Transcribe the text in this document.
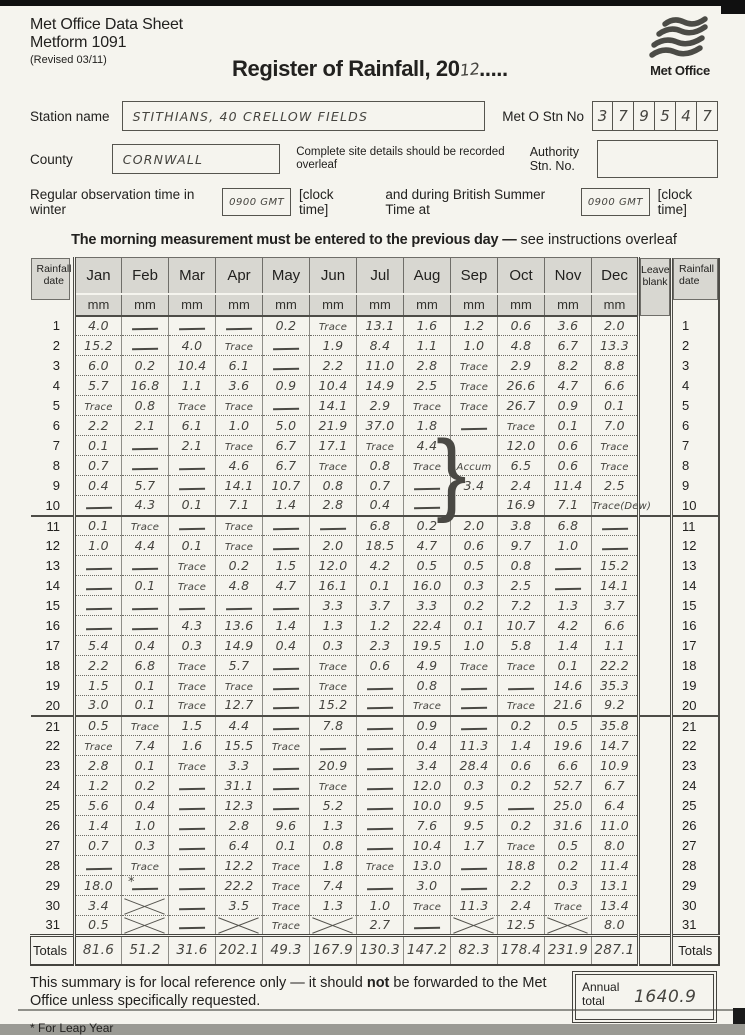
Met Office Data Sheet
Metform 1091
(Revised 03/11)	Register of Rainfall, 2012.....	Met Office
Station name STITHIANS, 40 CRELLOW FIELDS	Met O Stn No 3 7 9 5 4 7
County	CORNWALL	Complete site details should be recorded overleaf
Authority Stn. No.
Regular observation time in winter	0900 GMT [clock time]
and during British Summer Time at	0900 GMT [clock time]
The morning measurement must be entered to the previous day — see instructions overleaf
Rainfall date	Jan	Feb	Mar	Apr	May	Jun	Jul	Aug	Sep	Oct	Nov	Dec	Leave blank	Rainfall date

	mm	mm	mm	mm	mm	mm	mm	mm	mm	mm	mm	mm		
1	4.0				0.2	Trace	13.1	1.6	1.2	0.6	3.6	2.0		1
2	15.2		4.0	Trace		1.9	8.4	1.1	1.0	4.8	6.7	13.3		2
3	6.0	0.2	10.4	6.1		2.2	11.0	2.8	Trace	2.9	8.2	8.8		3
4	5.7	16.8	1.1	3.6	0.9	10.4	14.9	2.5	Trace	26.6	4.7	6.6		4
5	Trace	0.8	Trace	Trace		14.1	2.9	Trace	Trace	26.7	0.9	0.1		5
6	2.2	2.1	6.1	1.0	5.0	21.9	37.0	1.8		Trace	0.1	7.0		6
7	0.1		2.1	Trace	6.7	17.1	Trace	4.4	}	12.0	0.6	Trace		7
8	0.7			4.6	6.7	Trace	0.8	Trace	Accum	6.5	0.6	Trace		8
9	0.4	5.7		14.1	10.7	0.8	0.7		3.4	2.4	11.4	2.5		9
10		4.3	0.1	7.1	1.4	2.8	0.4			16.9	7.1	Trace(Dew)		10
11	0.1	Trace		Trace			6.8	0.2	2.0	3.8	6.8			11
12	1.0	4.4	0.1	Trace		2.0	18.5	4.7	0.6	9.7	1.0			12
13			Trace	0.2	1.5	12.0	4.2	0.5	0.5	0.8		15.2		13
14		0.1	Trace	4.8	4.7	16.1	0.1	16.0	0.3	2.5		14.1		14
15						3.3	3.7	3.3	0.2	7.2	1.3	3.7		15
16			4.3	13.6	1.4	1.3	1.2	22.4	0.1	10.7	4.2	6.6		16
17	5.4	0.4	0.3	14.9	0.4	0.3	2.3	19.5	1.0	5.8	1.4	1.1		17
18	2.2	6.8	Trace	5.7		Trace	0.6	4.9	Trace	Trace	0.1	22.2		18
19	1.5	0.1	Trace	Trace		Trace		0.8			14.6	35.3		19
20	3.0	0.1	Trace	12.7		15.2		Trace		Trace	21.6	9.2		20
21	0.5	Trace	1.5	4.4		7.8		0.9		0.2	0.5	35.8		21
22	Trace	7.4	1.6	15.5	Trace			0.4	11.3	1.4	19.6	14.7		22
23	2.8	0.1	Trace	3.3		20.9		3.4	28.4	0.6	6.6	10.9		23
24	1.2	0.2		31.1		Trace		12.0	0.3	0.2	52.7	6.7		24
25	5.6	0.4		12.3		5.2		10.0	9.5		25.0	6.4		25
26	1.4	1.0		2.8	9.6	1.3		7.6	9.5	0.2	31.6	11.0		26
27	0.7	0.3		6.4	0.1	0.8		10.4	1.7	Trace	0.5	8.0		27
28		Trace		12.2	Trace	1.8	Trace	13.0		18.8	0.2	11.4		28
29	18.0	*		22.2	Trace	7.4		3.0		2.2	0.3	13.1		29
30	3.4			3.5	Trace	1.3	1.0	Trace	11.3	2.4	Trace	13.4		30
31	0.5				Trace		2.7			12.5		8.0		31
Totals	81.6	51.2	31.6	202.1	49.3	167.9	130.3	147.2	82.3	178.4	231.9	287.1		Totals
This summary is for local reference only — it should not be forwarded to the Met Office unless specifically requested.
* For Leap Year
Annual total	1640.9
